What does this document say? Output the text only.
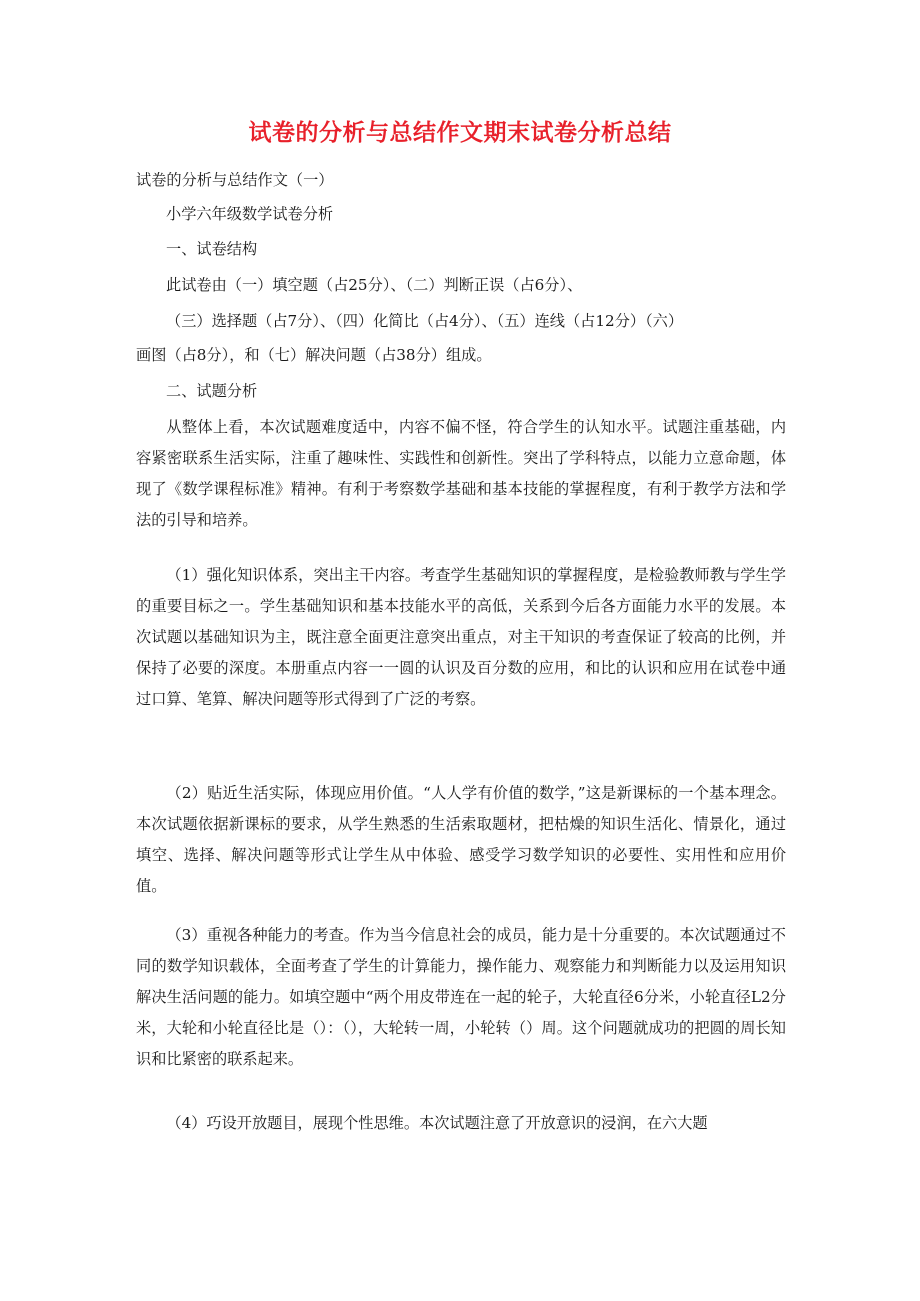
试卷的分析与总结作文期末试卷分析总结
试卷的分析与总结作文（一）
小学六年级数学试卷分析
一、试卷结构
此试卷由（一）填空题（占25分）、（二）判断正误（占6分）、
（三）选择题（占7分）、（四）化简比（占4分）、（五）连线（占12分）（六）
画图（占8分），和（七）解决问题（占38分）组成。
二、试题分析

从整体上看，本次试题难度适中，内容不偏不怪，符合学生的认知水平。试题注重基础，内容紧密联系生活实际，注重了趣味性、实践性和创新性。突出了学科特点，以能力立意命题，体现了《数学课程标准》精神。有利于考察数学基础和基本技能的掌握程度，有利于教学方法和学法的引导和培养。

（1）强化知识体系，突出主干内容。考查学生基础知识的掌握程度，是检验教师教与学生学的重要目标之一。学生基础知识和基本技能水平的高低，关系到今后各方面能力水平的发展。本次试题以基础知识为主，既注意全面更注意突出重点，对主干知识的考查保证了较高的比例，并保持了必要的深度。本册重点内容一一圆的认识及百分数的应用，和比的认识和应用在试卷中通过口算、笔算、解决问题等形式得到了广泛的考察。

（2）贴近生活实际，体现应用价值。“人人学有价值的数学，”这是新课标的一个基本理念。本次试题依据新课标的要求，从学生熟悉的生活索取题材，把枯燥的知识生活化、情景化，通过填空、选择、解决问题等形式让学生从中体验、感受学习数学知识的必要性、实用性和应用价值。

（3）重视各种能力的考查。作为当今信息社会的成员，能力是十分重要的。本次试题通过不同的数学知识载体，全面考查了学生的计算能力，操作能力、观察能力和判断能力以及运用知识解决生活问题的能力。如填空题中“两个用皮带连在一起的轮子，大轮直径6分米，小轮直径L2分米，大轮和小轮直径比是（）：（），大轮转一周，小轮转（）周。这个问题就成功的把圆的周长知识和比紧密的联系起来。

（4）巧设开放题目，展现个性思维。本次试题注意了开放意识的浸润，在六大题
